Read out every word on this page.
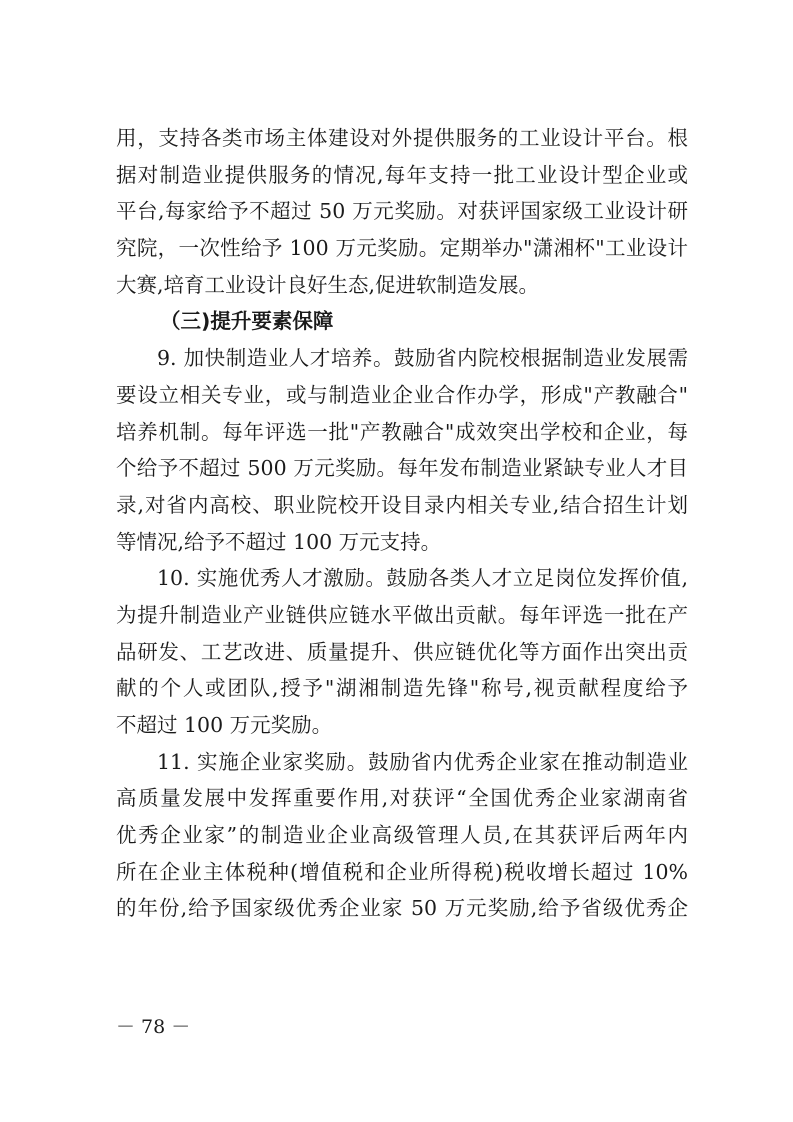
用，支持各类市场主体建设对外提供服务的工业设计平台。根
据对制造业提供服务的情况,每年支持一批工业设计型企业或
平台,每家给予不超过 50 万元奖励。对获评国家级工业设计研
究院，一次性给予 100 万元奖励。定期举办"潇湘杯"工业设计
大赛,培育工业设计良好生态,促进软制造发展。
（三)提升要素保障
9. 加快制造业人才培养。鼓励省内院校根据制造业发展需
要设立相关专业，或与制造业企业合作办学，形成"产教融合"
培养机制。每年评选一批"产教融合"成效突出学校和企业，每
个给予不超过 500 万元奖励。每年发布制造业紧缺专业人才目
录,对省内高校、职业院校开设目录内相关专业,结合招生计划
等情况,给予不超过 100 万元支持。
10. 实施优秀人才激励。鼓励各类人才立足岗位发挥价值,
为提升制造业产业链供应链水平做出贡献。每年评选一批在产
品研发、工艺改进、质量提升、供应链优化等方面作出突出贡
献的个人或团队,授予"湖湘制造先锋"称号,视贡献程度给予
不超过 100 万元奖励。
11. 实施企业家奖励。鼓励省内优秀企业家在推动制造业
高质量发展中发挥重要作用,对获评“全国优秀企业家湖南省
优秀企业家”的制造业企业高级管理人员,在其获评后两年内
所在企业主体税种(增值税和企业所得税)税收增长超过 10%
的年份,给予国家级优秀企业家 50 万元奖励,给予省级优秀企
－ 78 －
